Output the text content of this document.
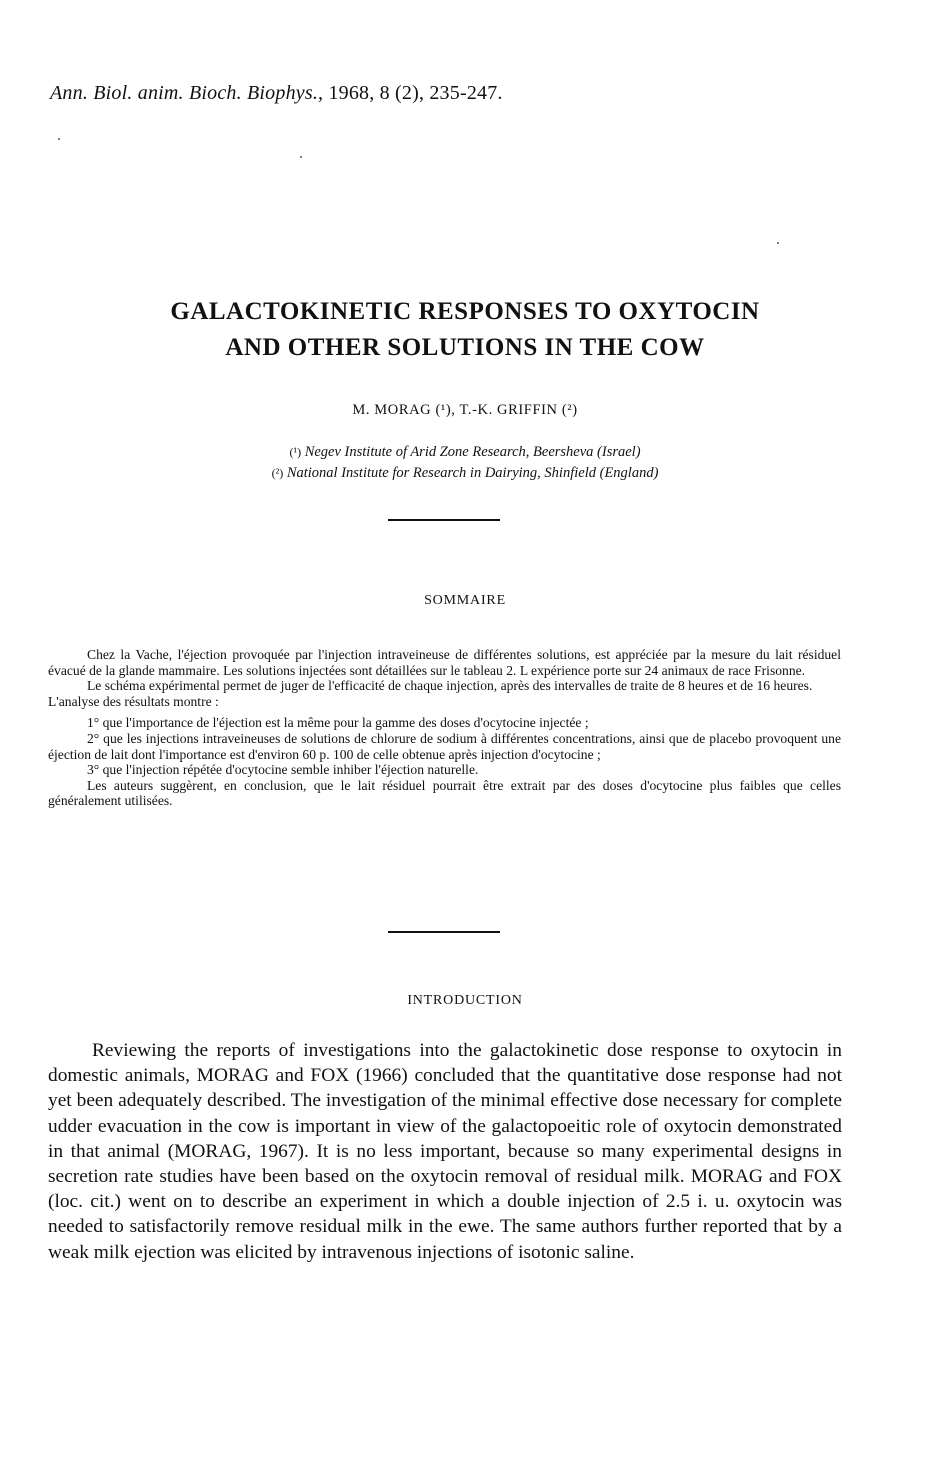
Ann. Biol. anim. Bioch. Biophys., 1968, 8 (2), 235-247.
GALACTOKINETIC RESPONSES TO OXYTOCIN
AND OTHER SOLUTIONS IN THE COW
M. MORAG (¹), T.-K. GRIFFIN (²)
(¹) Negev Institute of Arid Zone Research, Beersheva (Israel)
(²) National Institute for Research in Dairying, Shinfield (England)
SOMMAIRE

Chez la Vache, l'éjection provoquée par l'injection intraveineuse de différentes solutions, est appréciée par la mesure du lait résiduel évacué de la glande mammaire. Les solutions injectées sont détaillées sur le tableau 2. L expérience porte sur 24 animaux de race Frisonne.

Le schéma expérimental permet de juger de l'efficacité de chaque injection, après des intervalles de traite de 8 heures et de 16 heures.

L'analyse des résultats montre :

1° que l'importance de l'éjection est la même pour la gamme des doses d'ocytocine injectée ;

2° que les injections intraveineuses de solutions de chlorure de sodium à différentes concentrations, ainsi que de placebo provoquent une éjection de lait dont l'importance est d'environ 60 p. 100 de celle obtenue après injection d'ocytocine ;

3° que l'injection répétée d'ocytocine semble inhiber l'éjection naturelle.

Les auteurs suggèrent, en conclusion, que le lait résiduel pourrait être extrait par des doses d'ocytocine plus faibles que celles généralement utilisées.

INTRODUCTION

Reviewing the reports of investigations into the galactokinetic dose response to oxytocin in domestic animals, MORAG and FOX (1966) concluded that the quantitative dose response had not yet been adequately described. The investigation of the minimal effective dose necessary for complete udder evacuation in the cow is important in view of the galactopoeitic role of oxytocin demonstrated in that animal (MORAG, 1967). It is no less important, because so many experimental designs in secretion rate studies have been based on the oxytocin removal of residual milk. MORAG and FOX (loc. cit.) went on to describe an experiment in which a double injection of 2.5 i. u. oxytocin was needed to satisfactorily remove residual milk in the ewe. The same authors further reported that by a weak milk ejection was elicited by intravenous injections of isotonic saline.
